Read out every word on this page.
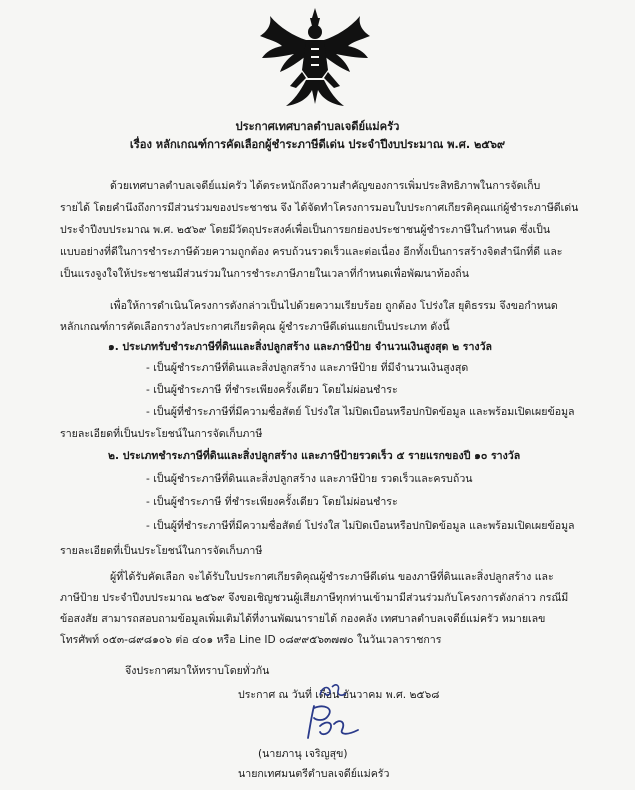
ประกาศเทศบาลตำบลเจดีย์แม่ครัว
เรื่อง หลักเกณฑ์การคัดเลือกผู้ชำระภาษีดีเด่น ประจำปีงบประมาณ พ.ศ. ๒๕๖๙
ด้วยเทศบาลตำบลเจดีย์แม่ครัว ได้ตระหนักถึงความสำคัญของการเพิ่มประสิทธิภาพในการจัดเก็บ
รายได้ โดยคำนึงถึงการมีส่วนร่วมของประชาชน จึง ได้จัดทำโครงการมอบใบประกาศเกียรติคุณแก่ผู้ชำระภาษีดีเด่น
ประจำปีงบประมาณ พ.ศ. ๒๕๖๙ โดยมีวัตถุประสงค์เพื่อเป็นการยกย่องประชาชนผู้ชำระภาษีในกำหนด ซึ่งเป็น
แบบอย่างที่ดีในการชำระภาษีด้วยความถูกต้อง ครบถ้วนรวดเร็วและต่อเนื่อง อีกทั้งเป็นการสร้างจิตสำนึกที่ดี และ
เป็นแรงจูงใจให้ประชาชนมีส่วนร่วมในการชำระภาษีภายในเวลาที่กำหนดเพื่อพัฒนาท้องถิ่น
เพื่อให้การดำเนินโครงการดังกล่าวเป็นไปด้วยความเรียบร้อย ถูกต้อง โปร่งใส ยุติธรรม จึงขอกำหนด
หลักเกณฑ์การคัดเลือกรางวัลประกาศเกียรติคุณ ผู้ชำระภาษีดีเด่นแยกเป็นประเภท ดังนี้
๑. ประเภทรับชำระภาษีที่ดินและสิ่งปลูกสร้าง และภาษีป้าย จำนวนเงินสูงสุด ๒ รางวัล
- เป็นผู้ชำระภาษีที่ดินและสิ่งปลูกสร้าง และภาษีป้าย ที่มีจำนวนเงินสูงสุด
- เป็นผู้ชำระภาษี ที่ชำระเพียงครั้งเดียว โดยไม่ผ่อนชำระ
- เป็นผู้ที่ชำระภาษีที่มีความซื่อสัตย์ โปร่งใส ไม่ปิดเบือนหรือปกปิดข้อมูล และพร้อมเปิดเผยข้อมูล
รายละเอียดที่เป็นประโยชน์ในการจัดเก็บภาษี
๒. ประเภทชำระภาษีที่ดินและสิ่งปลูกสร้าง และภาษีป้ายรวดเร็ว ๕ รายแรกของปี ๑๐ รางวัล
- เป็นผู้ชำระภาษีที่ดินและสิ่งปลูกสร้าง และภาษีป้าย รวดเร็วและครบถ้วน
- เป็นผู้ชำระภาษี ที่ชำระเพียงครั้งเดียว โดยไม่ผ่อนชำระ
- เป็นผู้ที่ชำระภาษีที่มีความซื่อสัตย์ โปร่งใส ไม่ปิดเบือนหรือปกปิดข้อมูล และพร้อมเปิดเผยข้อมูล
รายละเอียดที่เป็นประโยชน์ในการจัดเก็บภาษี
ผู้ที่ได้รับคัดเลือก จะได้รับใบประกาศเกียรติคุณผู้ชำระภาษีดีเด่น ของภาษีที่ดินและสิ่งปลูกสร้าง และ
ภาษีป้าย ประจำปีงบประมาณ ๒๕๖๙ จึงขอเชิญชวนผู้เสียภาษีทุกท่านเข้ามามีส่วนร่วมกับโครงการดังกล่าว กรณีมี
ข้อสงสัย สามารถสอบถามข้อมูลเพิ่มเติมได้ที่งานพัฒนารายได้ กองคลัง เทศบาลตำบลเจดีย์แม่ครัว หมายเลข
โทรศัพท์ ๐๕๓-๘๙๘๑๐๖ ต่อ ๔๐๑ หรือ Line ID ๐๘๙๙๕๖๓๗๗๐ ในวันเวลาราชการ
จึงประกาศมาให้ทราบโดยทั่วกัน
ประกาศ ณ วันที่ เดือน อันวาคม พ.ศ. ๒๕๖๘
(นายภานุ เจริญสุข)
นายกเทศมนตรีตำบลเจดีย์แม่ครัว
